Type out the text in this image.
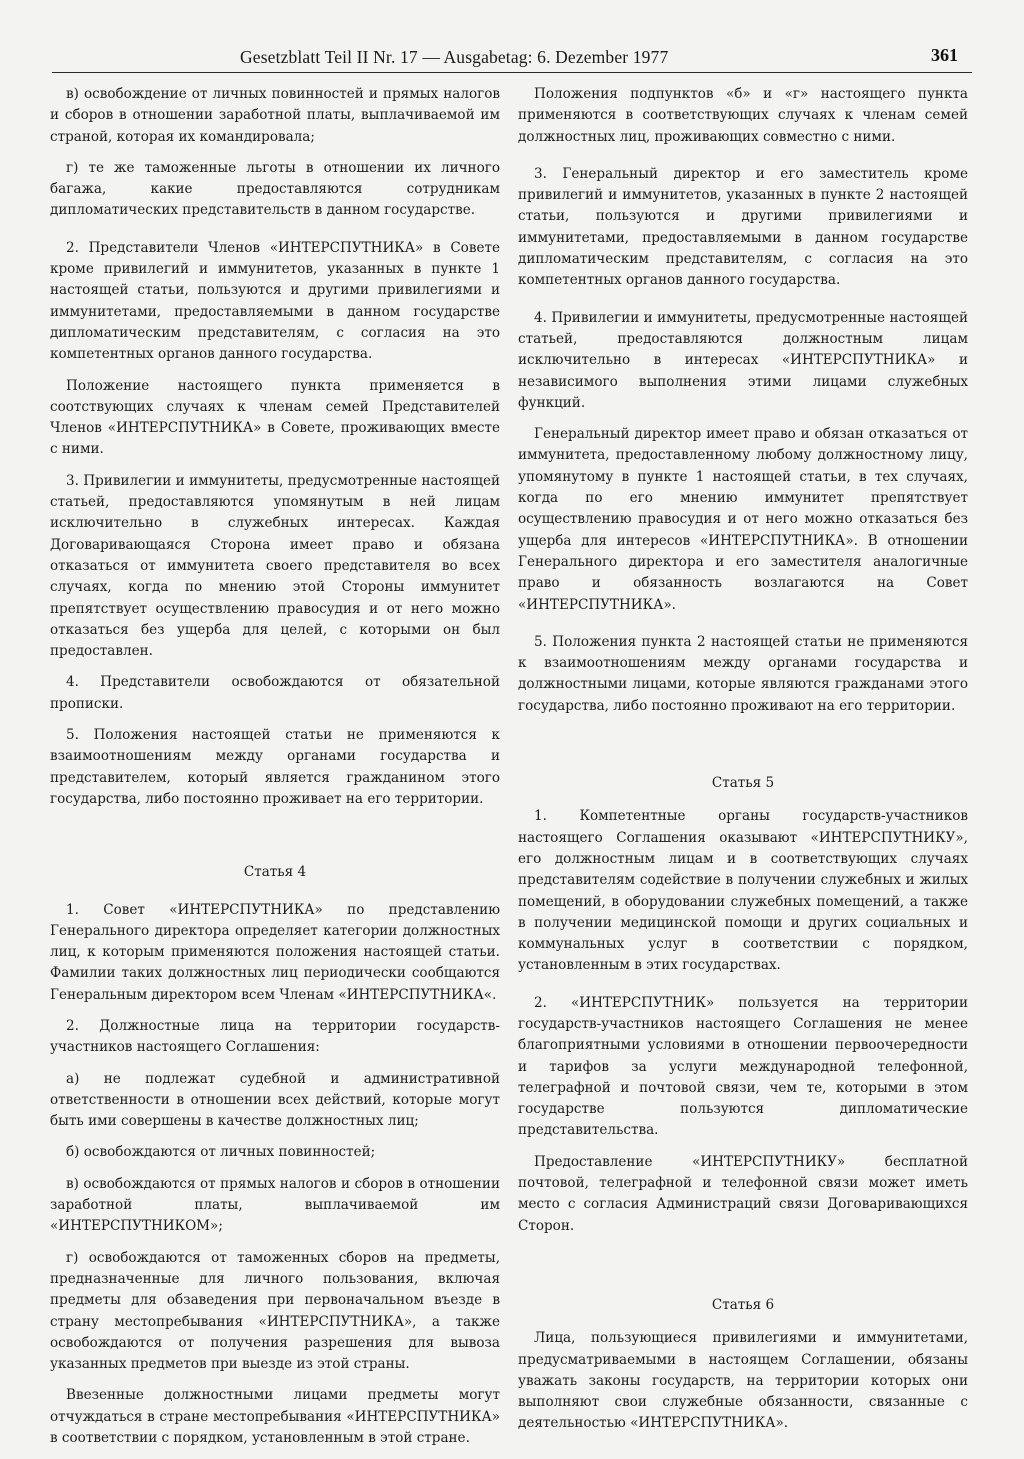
Gesetzblatt Teil II Nr. 17 — Ausgabetag: 6. Dezember 1977	361

в) освобождение от личных повинностей и прямых налогов и сборов в отношении заработной платы, выплачиваемой им страной, которая их командировала;

г) те же таможенные льготы в отношении их личного багажа, какие предоставляются сотрудникам дипломатических представительств в данном государстве.

2. Представители Членов «ИНТЕРСПУТНИКА» в Совете кроме привилегий и иммунитетов, указанных в пункте 1 настоящей статьи, пользуются и другими привилегиями и иммунитетами, предоставляемыми в данном государстве дипломатическим представителям, с согласия на это компетентных органов данного государства.

Положение настоящего пункта применяется в соотствующих случаях к членам семей Представителей Членов «ИНТЕРСПУТНИКА» в Совете, проживающих вместе с ними.

3. Привилегии и иммунитеты, предусмотренные настоящей статьей, предоставляются упомянутым в ней лицам исключительно в служебных интересах. Каждая Договаривающаяся Сторона имеет право и обязана отказаться от иммунитета своего представителя во всех случаях, когда по мнению этой Стороны иммунитет препятствует осуществлению правосудия и от него можно отказаться без ущерба для целей, с которыми он был предоставлен.

4. Представители освобождаются от обязательной прописки.

5. Положения настоящей статьи не применяются к взаимоотношениям между органами государства и представителем, который является гражданином этого государства, либо постоянно проживает на его территории.

Статья 4

1. Совет «ИНТЕРСПУТНИКА» по представлению Генерального директора определяет категории должностных лиц, к которым применяются положения настоящей статьи. Фамилии таких должностных лиц периодически сообщаются Генеральным директором всем Членам «ИНТЕРСПУТНИКА«.

2. Должностные лица на территории государств-участников настоящего Соглашения:

а) не подлежат судебной и административной ответственности в отношении всех действий, которые могут быть ими совершены в качестве должностных лиц;

б) освобождаются от личных повинностей;

в) освобождаются от прямых налогов и сборов в отношении заработной платы, выплачиваемой им «ИНТЕРСПУТНИКОМ»;

г) освобождаются от таможенных сборов на предметы, предназначенные для личного пользования, включая предметы для обзаведения при первоначальном въезде в страну местопребывания «ИНТЕРСПУТНИКА», а также освобождаются от получения разрешения для вывоза указанных предметов при выезде из этой страны.

Ввезенные должностными лицами предметы могут отчуждаться в стране местопребывания «ИНТЕРСПУТНИКА» в соответствии с порядком, установленным в этой стране.

Положения подпунктов «б» и «г» настоящего пункта применяются в соответствующих случаях к членам семей должностных лиц, проживающих совместно с ними.

3. Генеральный директор и его заместитель кроме привилегий и иммунитетов, указанных в пункте 2 настоящей статьи, пользуются и другими привилегиями и иммунитетами, предоставляемыми в данном государстве дипломатическим представителям, с согласия на это компетентных органов данного государства.

4. Привилегии и иммунитеты, предусмотренные настоящей статьей, предоставляются должностным лицам исключительно в интересах «ИНТЕРСПУТНИКА» и независимого выполнения этими лицами служебных функций.

Генеральный директор имеет право и обязан отказаться от иммунитета, предоставленному любому должностному лицу, упомянутому в пункте 1 настоящей статьи, в тех случаях, когда по его мнению иммунитет препятствует осуществлению правосудия и от него можно отказаться без ущерба для интересов «ИНТЕРСПУТНИКА». В отношении Генерального директора и его заместителя аналогичные право и обязанность возлагаются на Совет «ИНТЕРСПУТНИКА».

5. Положения пункта 2 настоящей статьи не применяются к взаимоотношениям между органами государства и должностными лицами, которые являются гражданами этого государства, либо постоянно проживают на его территории.

Статья 5

1. Компетентные органы государств-участников настоящего Соглашения оказывают «ИНТЕРСПУТНИКУ», его должностным лицам и в соответствующих случаях представителям содействие в получении служебных и жилых помещений, в оборудовании служебных помещений, а также в получении медицинской помощи и других социальных и коммунальных услуг в соответствии с порядком, установленным в этих государствах.

2. «ИНТЕРСПУТНИК» пользуется на территории государств-участников настоящего Соглашения не менее благоприятными условиями в отношении первоочередности и тарифов за услуги международной телефонной, телеграфной и почтовой связи, чем те, которыми в этом государстве пользуются дипломатические представительства.

Предоставление «ИНТЕРСПУТНИКУ» бесплатной почтовой, телеграфной и телефонной связи может иметь место с согласия Администраций связи Договаривающихся Сторон.

Статья 6

Лица, пользующиеся привилегиями и иммунитетами, предусматриваемыми в настоящем Соглашении, обязаны уважать законы государств, на территории которых они выполняют свои служебные обязанности, связанные с деятельностью «ИНТЕРСПУТНИКА».
